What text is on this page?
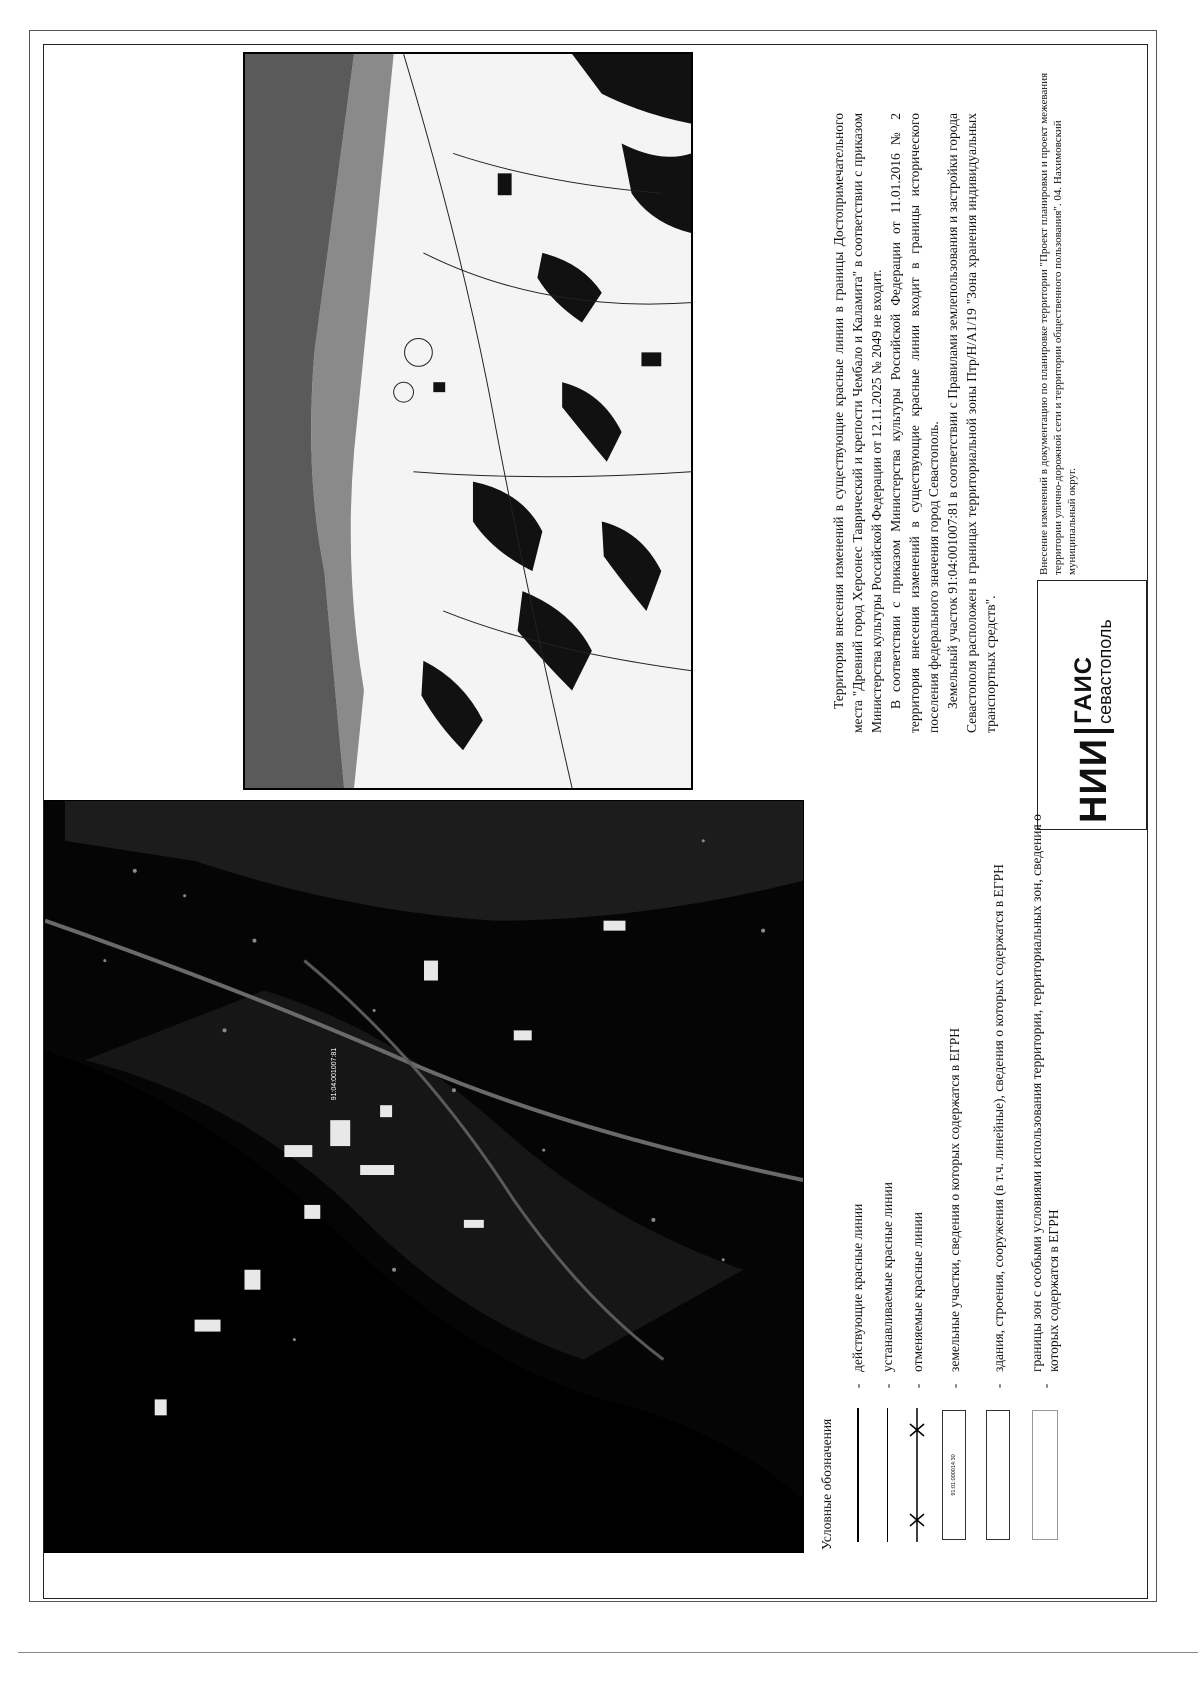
91:04:001007:81

Территория внесения изменений в существующие красные линии в границы Достопримечательного места "Древний город Херсонес Таврический и крепости Чембало и Каламита" в соответствии с приказом Министерства культуры Российской Федерации от 12.11.2025 № 2049 не входит. В соответствии с приказом Министерства культуры Российской Федерации от 11.01.2016 № 2 территория внесения изменений в существующие красные линии входит в границы исторического поселения федерального значения город Севастополь. Земельный участок 91:04:001007:81 в соответствии с Правилами землепользования и застройки города Севастополя расположен в границах территориальной зоны Птр/Н/А1/19 "Зона хранения индивидуальных транспортных средств".

Условные обозначения
-
действующие красные линии
-
устанавливаемые красные линии
-
отменяемые красные линии
91:01:000014:30
-
земельные участки, сведения о которых содержатся в ЕГРН
-
здания, строения, сооружения (в т.ч. линейные), сведения о которых содержатся в ЕГРН
-
границы зон с особыми условиями использования территории, территориальных зон, сведения о которых содержатся в ЕГРН
НИИ
ГАИС
севастополь
Внесение изменений в документацию по планировке территории "Проект планировки и проект межевания территории улично-дорожной сети и территории общественного пользования". 04. Нахимовский муниципальный округ.
